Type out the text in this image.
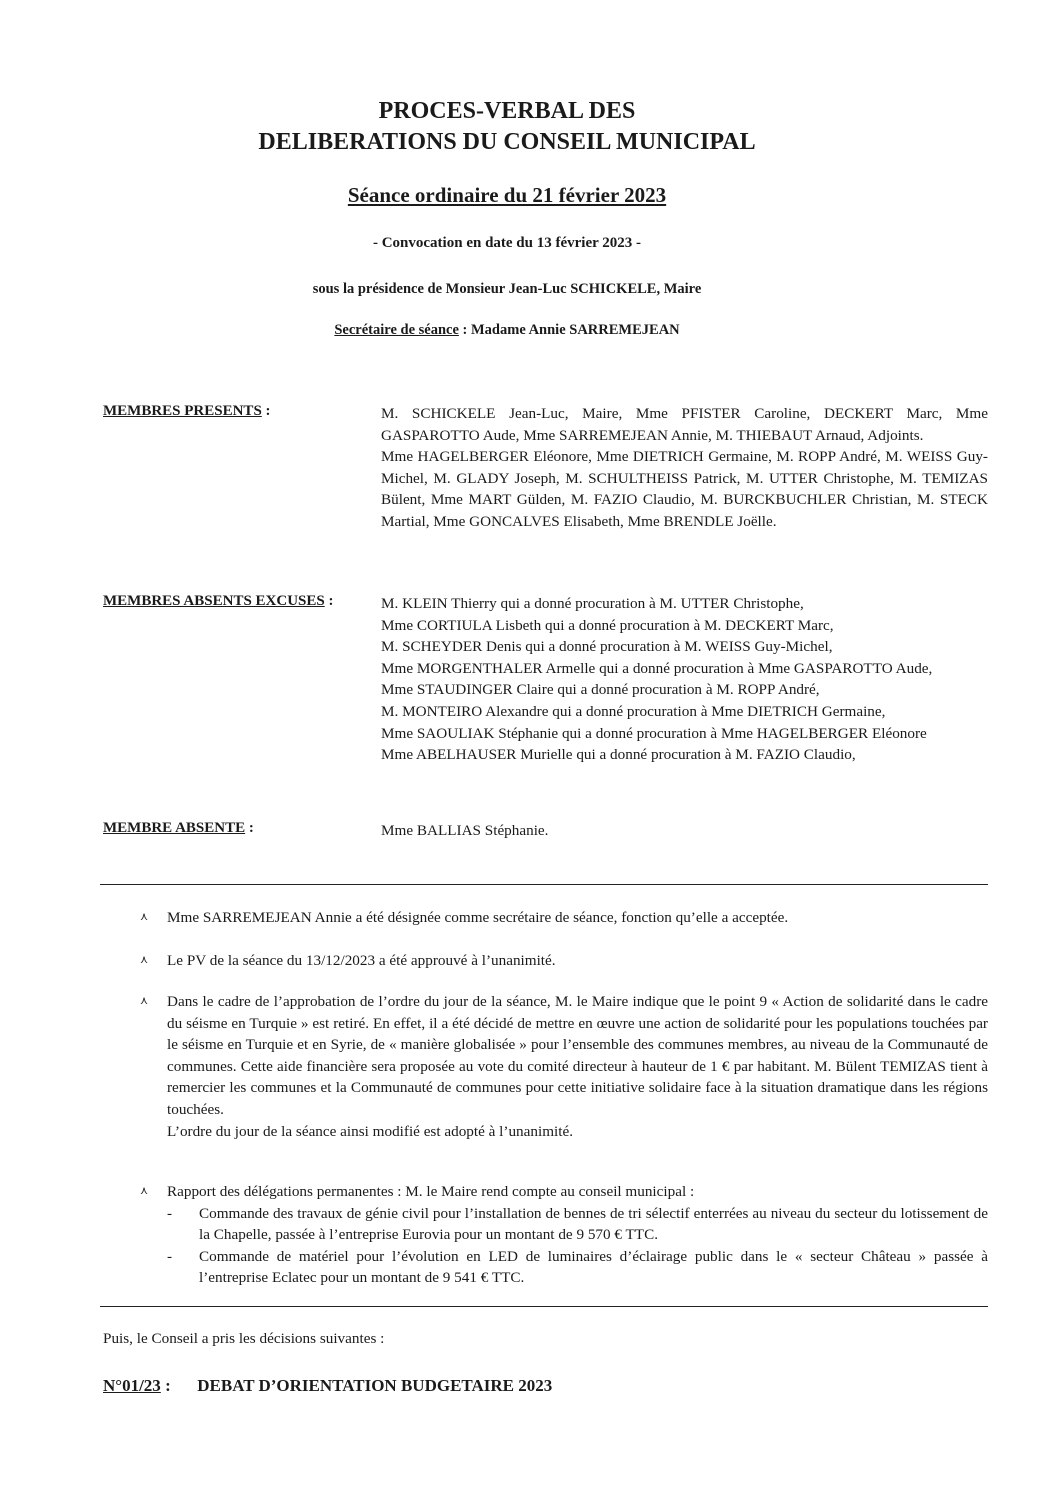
PROCES-VERBAL DES
DELIBERATIONS DU CONSEIL MUNICIPAL
Séance ordinaire du 21 février 2023
- Convocation en date du 13 février 2023 -
sous la présidence de Monsieur Jean-Luc SCHICKELE, Maire
Secrétaire de séance : Madame Annie SARREMEJEAN
MEMBRES PRESENTS :	M. SCHICKELE Jean-Luc, Maire, Mme PFISTER Caroline, DECKERT Marc, Mme GASPAROTTO Aude, Mme SARREMEJEAN Annie, M. THIEBAUT Arnaud, Adjoints.

Mme HAGELBERGER Eléonore, Mme DIETRICH Germaine, M. ROPP André, M. WEISS Guy-Michel, M. GLADY Joseph, M. SCHULTHEISS Patrick, M. UTTER Christophe, M. TEMIZAS Bülent, Mme MART Gülden, M. FAZIO Claudio, M. BURCKBUCHLER Christian, M. STECK Martial, Mme GONCALVES Elisabeth, Mme BRENDLE Joëlle.

MEMBRES ABSENTS EXCUSES :	M. KLEIN Thierry qui a donné procuration à M. UTTER Christophe,

Mme CORTIULA Lisbeth qui a donné procuration à M. DECKERT Marc,

M. SCHEYDER Denis qui a donné procuration à M. WEISS Guy-Michel,

Mme MORGENTHALER Armelle qui a donné procuration à Mme GASPAROTTO Aude,

Mme STAUDINGER Claire qui a donné procuration à M. ROPP André,

M. MONTEIRO Alexandre qui a donné procuration à Mme DIETRICH Germaine,

Mme SAOULIAK Stéphanie qui a donné procuration à Mme HAGELBERGER Eléonore

Mme ABELHAUSER Murielle qui a donné procuration à M. FAZIO Claudio,

MEMBRE ABSENTE :	Mme BALLIAS Stéphanie.
⋏	Mme SARREMEJEAN Annie a été désignée comme secrétaire de séance, fonction qu’elle a acceptée.
⋏	Le PV de la séance du 13/12/2023 a été approuvé à l’unanimité.
⋏	Dans le cadre de l’approbation de l’ordre du jour de la séance, M. le Maire indique que le point 9 « Action de solidarité dans le cadre du séisme en Turquie » est retiré. En effet, il a été décidé de mettre en œuvre une action de solidarité pour les populations touchées par le séisme en Turquie et en Syrie, de « manière globalisée » pour l’ensemble des communes membres, au niveau de la Communauté de communes. Cette aide financière sera proposée au vote du comité directeur à hauteur de 1 € par habitant. M. Bülent TEMIZAS tient à remercier les communes et la Communauté de communes pour cette initiative solidaire face à la situation dramatique dans les régions touchées.

L’ordre du jour de la séance ainsi modifié est adopté à l’unanimité.

⋏	Rapport des délégations permanentes : M. le Maire rend compte au conseil municipal :

- Commande des travaux de génie civil pour l’installation de bennes de tri sélectif enterrées au niveau du secteur du lotissement de la Chapelle, passée à l’entreprise Eurovia pour un montant de 9 570 € TTC.
- Commande de matériel pour l’évolution en LED de luminaires d’éclairage public dans le « secteur Château » passée à l’entreprise Eclatec pour un montant de 9 541 € TTC.
Puis, le Conseil a pris les décisions suivantes :
N°01/23 : DEBAT D’ORIENTATION BUDGETAIRE 2023
